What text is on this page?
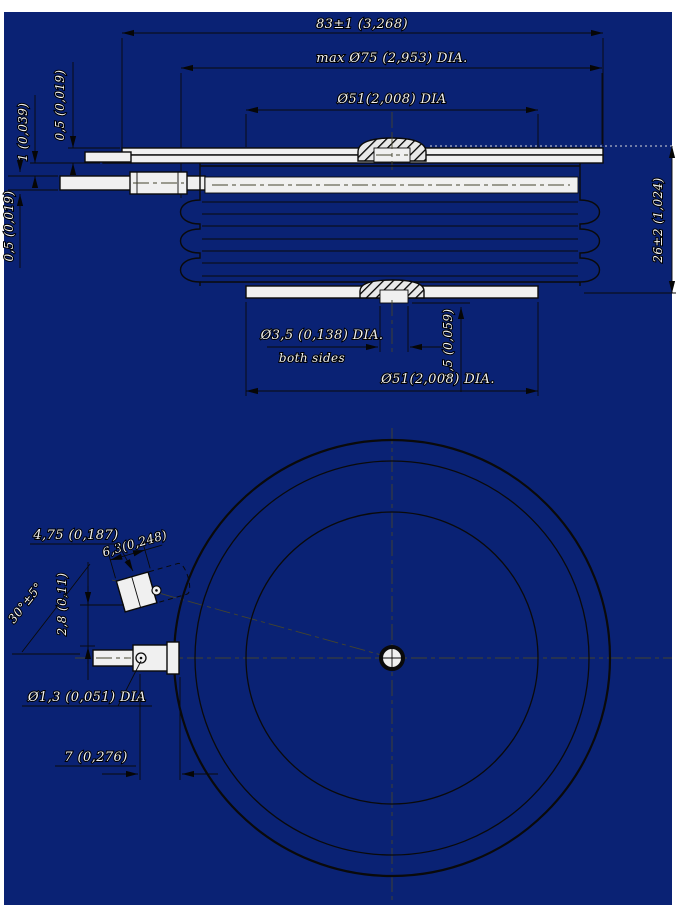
83±1 (3,268)
max Ø75 (2,953) DIA.
Ø51(2,008) DIA
0,5 (0,019)
1 (0,039)
0,5 (0,019)	26±2 (1,024)
Ø3,5 (0,138) DIA.
both sides	1,5 (0,059)
Ø51(2,008) DIA.
6,3(0,248)
4,75 (0,187)
2,8 (0,11)
30°±5°
Ø1,3 (0,051) DIA
7 (0,276)
